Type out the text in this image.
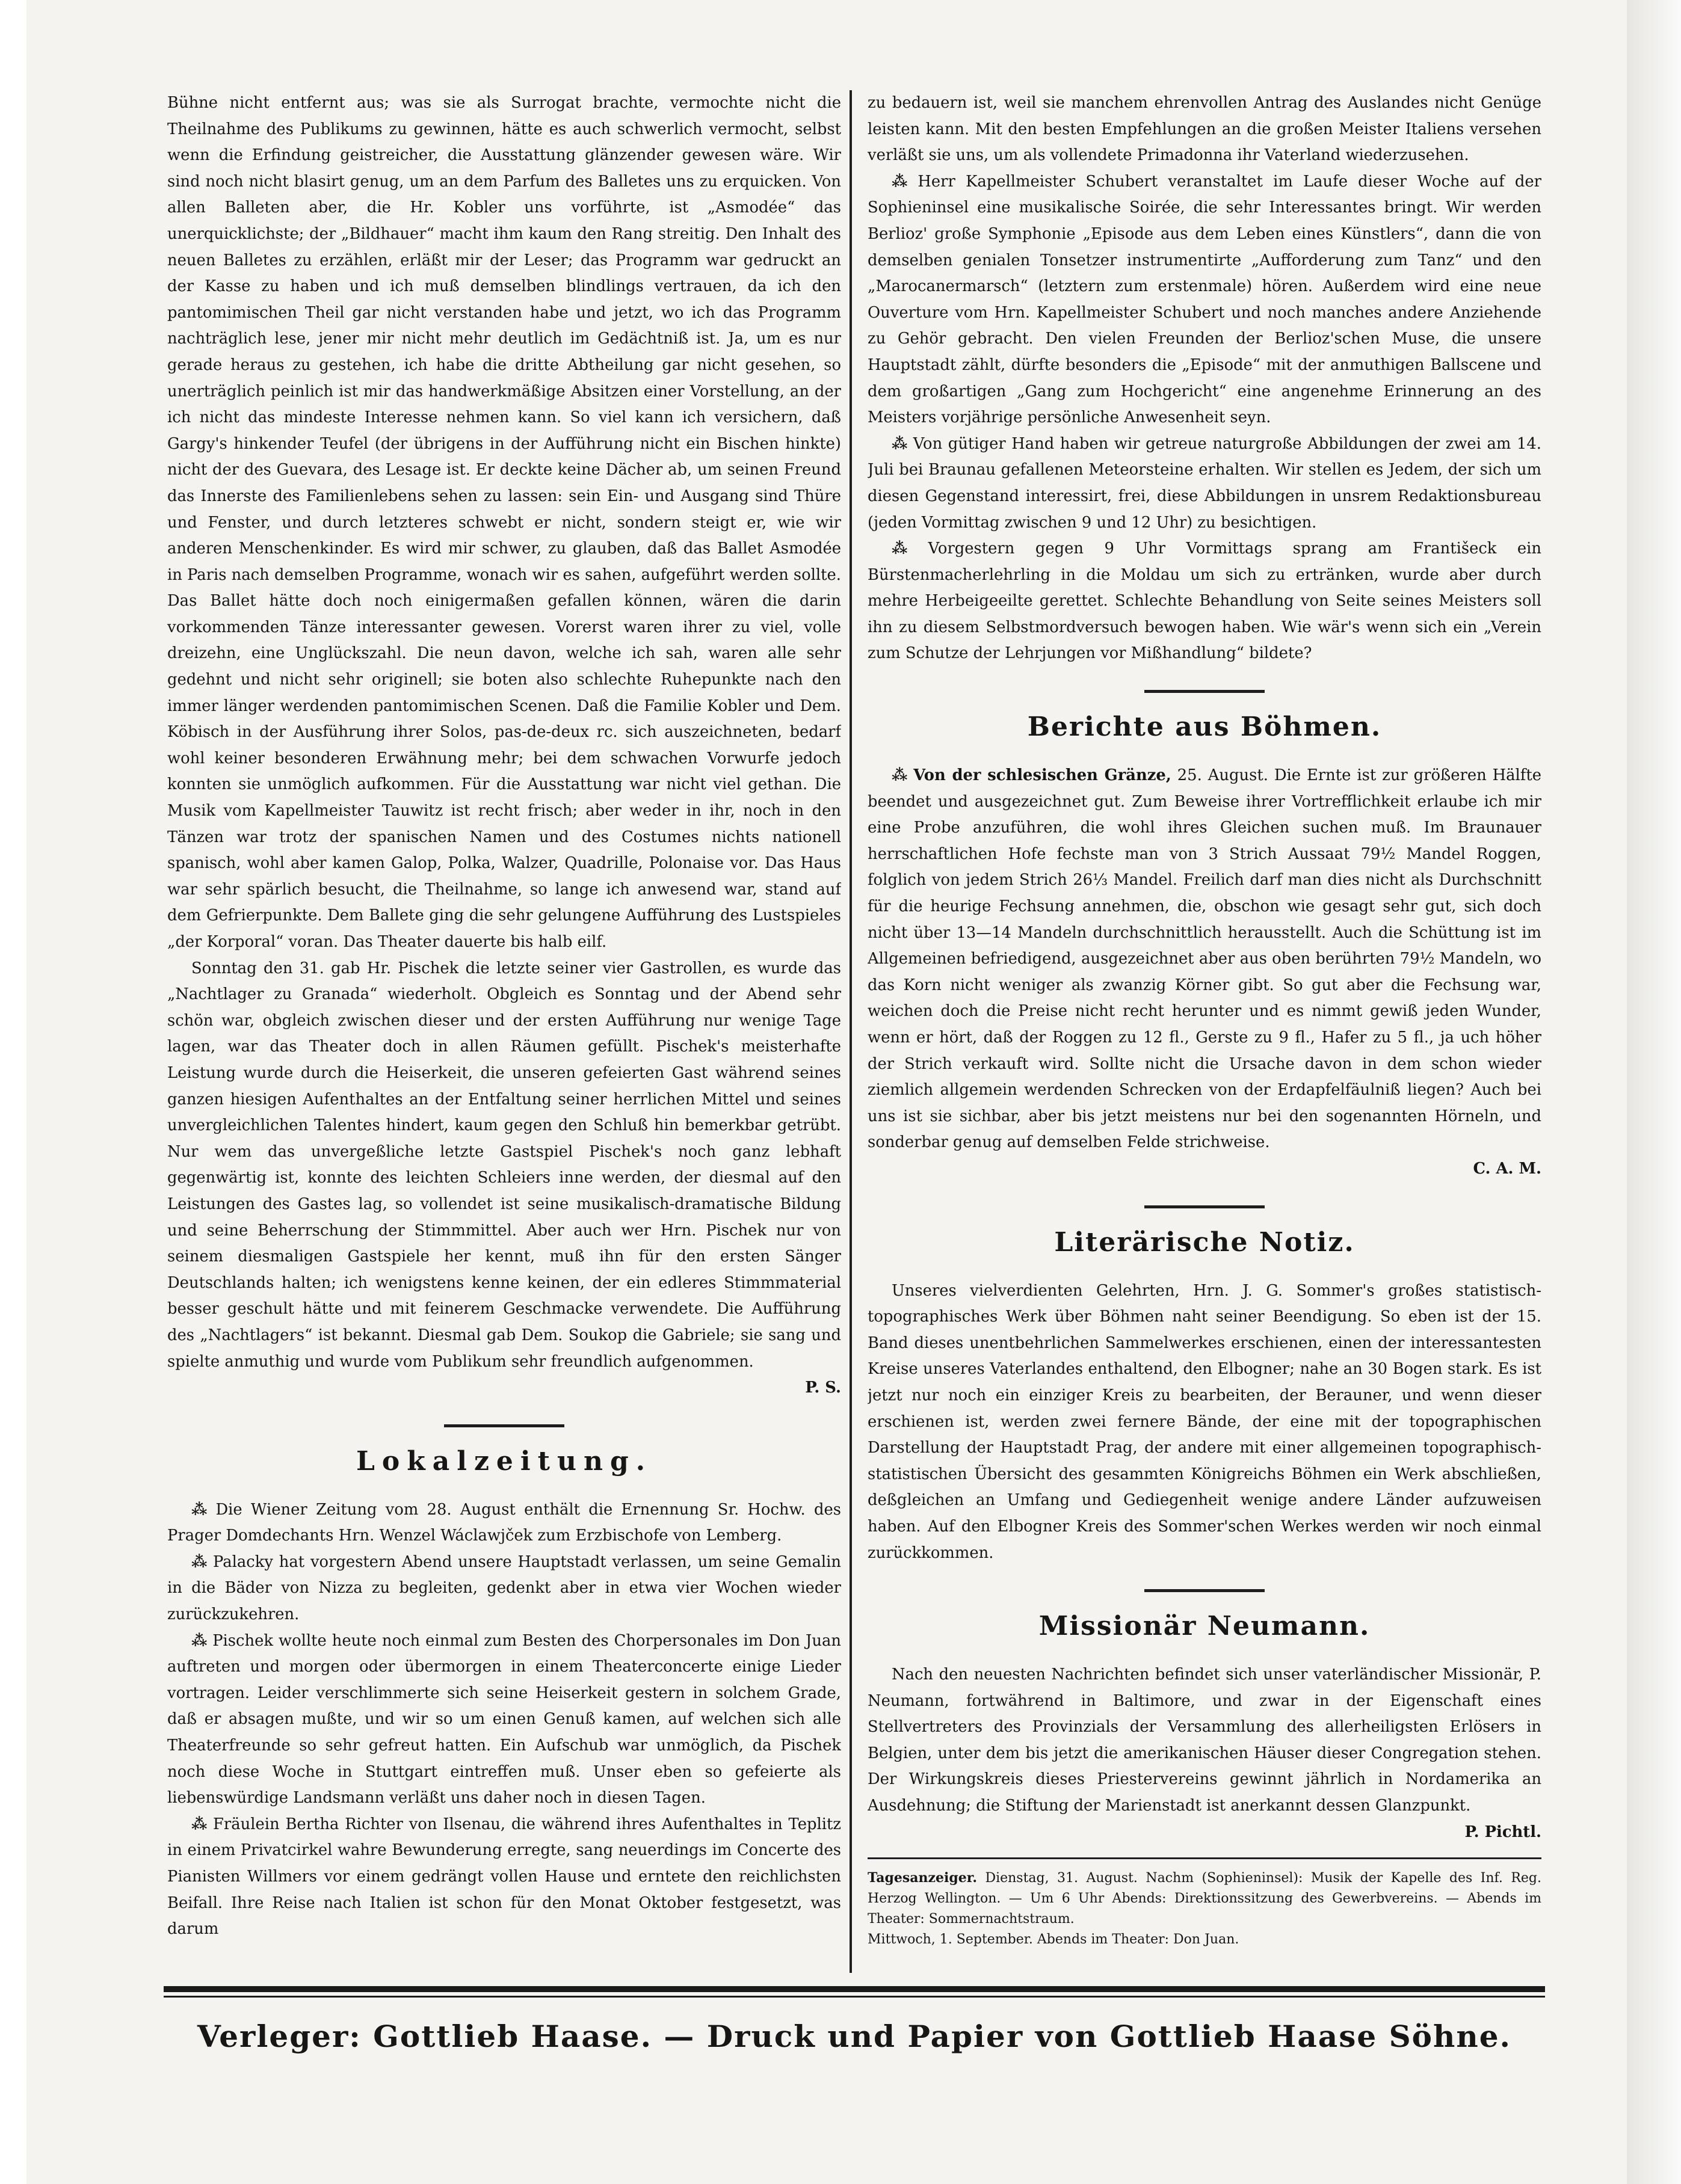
Bühne nicht entfernt aus; was sie als Surrogat brachte, vermochte nicht die Theilnahme des Publikums zu gewinnen, hätte es auch schwerlich vermocht, selbst wenn die Erfindung geistreicher, die Ausstattung glänzender gewesen wäre. Wir sind noch nicht blasirt genug, um an dem Parfum des Balletes uns zu erquicken. Von allen Balleten aber, die Hr. Kobler uns vorführte, ist „Asmodée“ das unerquicklichste; der „Bildhauer“ macht ihm kaum den Rang streitig. Den Inhalt des neuen Balletes zu erzählen, erläßt mir der Leser; das Programm war gedruckt an der Kasse zu haben und ich muß demselben blindlings vertrauen, da ich den pantomimischen Theil gar nicht verstanden habe und jetzt, wo ich das Programm nachträglich lese, jener mir nicht mehr deutlich im Gedächtniß ist. Ja, um es nur gerade heraus zu gestehen, ich habe die dritte Abtheilung gar nicht gesehen, so unerträglich peinlich ist mir das handwerkmäßige Absitzen einer Vorstellung, an der ich nicht das mindeste Interesse nehmen kann. So viel kann ich versichern, daß Gargy's hinkender Teufel (der übrigens in der Aufführung nicht ein Bischen hinkte) nicht der des Guevara, des Lesage ist. Er deckte keine Dächer ab, um seinen Freund das Innerste des Familienlebens sehen zu lassen: sein Ein- und Ausgang sind Thüre und Fenster, und durch letzteres schwebt er nicht, sondern steigt er, wie wir anderen Menschenkinder. Es wird mir schwer, zu glauben, daß das Ballet Asmodée in Paris nach demselben Programme, wonach wir es sahen, aufgeführt werden sollte. Das Ballet hätte doch noch einigermaßen gefallen können, wären die darin vorkommenden Tänze interessanter gewesen. Vorerst waren ihrer zu viel, volle dreizehn, eine Unglückszahl. Die neun davon, welche ich sah, waren alle sehr gedehnt und nicht sehr originell; sie boten also schlechte Ruhepunkte nach den immer länger werdenden pantomimischen Scenen. Daß die Familie Kobler und Dem. Köbisch in der Ausführung ihrer Solos, pas-de-deux rc. sich auszeichneten, bedarf wohl keiner besonderen Erwähnung mehr; bei dem schwachen Vorwurfe jedoch konnten sie unmöglich aufkommen. Für die Ausstattung war nicht viel gethan. Die Musik vom Kapellmeister Tauwitz ist recht frisch; aber weder in ihr, noch in den Tänzen war trotz der spanischen Namen und des Costumes nichts nationell spanisch, wohl aber kamen Galop, Polka, Walzer, Quadrille, Polonaise vor. Das Haus war sehr spärlich besucht, die Theilnahme, so lange ich anwesend war, stand auf dem Gefrierpunkte. Dem Ballete ging die sehr gelungene Aufführung des Lustspieles „der Korporal“ voran. Das Theater dauerte bis halb eilf.

Sonntag den 31. gab Hr. Pischek die letzte seiner vier Gastrollen, es wurde das „Nachtlager zu Granada“ wiederholt. Obgleich es Sonntag und der Abend sehr schön war, obgleich zwischen dieser und der ersten Aufführung nur wenige Tage lagen, war das Theater doch in allen Räumen gefüllt. Pischek's meisterhafte Leistung wurde durch die Heiserkeit, die unseren gefeierten Gast während seines ganzen hiesigen Aufenthaltes an der Entfaltung seiner herrlichen Mittel und seines unvergleichlichen Talentes hindert, kaum gegen den Schluß hin bemerkbar getrübt. Nur wem das unvergeßliche letzte Gastspiel Pischek's noch ganz lebhaft gegenwärtig ist, konnte des leichten Schleiers inne werden, der diesmal auf den Leistungen des Gastes lag, so vollendet ist seine musikalisch-dramatische Bildung und seine Beherrschung der Stimmmittel. Aber auch wer Hrn. Pischek nur von seinem diesmaligen Gastspiele her kennt, muß ihn für den ersten Sänger Deutschlands halten; ich wenigstens kenne keinen, der ein edleres Stimmmaterial besser geschult hätte und mit feinerem Geschmacke verwendete. Die Aufführung des „Nachtlagers“ ist bekannt. Diesmal gab Dem. Soukop die Gabriele; sie sang und spielte anmuthig und wurde vom Publikum sehr freundlich aufgenommen.

P. S.

Lokalzeitung.

⁂ Die Wiener Zeitung vom 28. August enthält die Ernennung Sr. Hochw. des Prager Domdechants Hrn. Wenzel Wáclawjček zum Erzbischofe von Lemberg.

⁂ Palacky hat vorgestern Abend unsere Hauptstadt verlassen, um seine Gemalin in die Bäder von Nizza zu begleiten, gedenkt aber in etwa vier Wochen wieder zurückzukehren.

⁂ Pischek wollte heute noch einmal zum Besten des Chorpersonales im Don Juan auftreten und morgen oder übermorgen in einem Theaterconcerte einige Lieder vortragen. Leider verschlimmerte sich seine Heiserkeit gestern in solchem Grade, daß er absagen mußte, und wir so um einen Genuß kamen, auf welchen sich alle Theaterfreunde so sehr gefreut hatten. Ein Aufschub war unmöglich, da Pischek noch diese Woche in Stuttgart eintreffen muß. Unser eben so gefeierte als liebenswürdige Landsmann verläßt uns daher noch in diesen Tagen.

⁂ Fräulein Bertha Richter von Ilsenau, die während ihres Aufenthaltes in Teplitz in einem Privatcirkel wahre Bewunderung erregte, sang neuerdings im Concerte des Pianisten Willmers vor einem gedrängt vollen Hause und erntete den reichlichsten Beifall. Ihre Reise nach Italien ist schon für den Monat Oktober festgesetzt, was darum

zu bedauern ist, weil sie manchem ehrenvollen Antrag des Auslandes nicht Genüge leisten kann. Mit den besten Empfehlungen an die großen Meister Italiens versehen verläßt sie uns, um als vollendete Primadonna ihr Vaterland wiederzusehen.

⁂ Herr Kapellmeister Schubert veranstaltet im Laufe dieser Woche auf der Sophieninsel eine musikalische Soirée, die sehr Interessantes bringt. Wir werden Berlioz' große Symphonie „Episode aus dem Leben eines Künstlers“, dann die von demselben genialen Tonsetzer instrumentirte „Aufforderung zum Tanz“ und den „Marocanermarsch“ (letztern zum erstenmale) hören. Außerdem wird eine neue Ouverture vom Hrn. Kapellmeister Schubert und noch manches andere Anziehende zu Gehör gebracht. Den vielen Freunden der Berlioz'schen Muse, die unsere Hauptstadt zählt, dürfte besonders die „Episode“ mit der anmuthigen Ballscene und dem großartigen „Gang zum Hochgericht“ eine angenehme Erinnerung an des Meisters vorjährige persönliche Anwesenheit seyn.

⁂ Von gütiger Hand haben wir getreue naturgroße Abbildungen der zwei am 14. Juli bei Braunau gefallenen Meteorsteine erhalten. Wir stellen es Jedem, der sich um diesen Gegenstand interessirt, frei, diese Abbildungen in unsrem Redaktionsbureau (jeden Vormittag zwischen 9 und 12 Uhr) zu besichtigen.

⁂ Vorgestern gegen 9 Uhr Vormittags sprang am Františeck ein Bürstenmacherlehrling in die Moldau um sich zu ertränken, wurde aber durch mehre Herbeigeeilte gerettet. Schlechte Behandlung von Seite seines Meisters soll ihn zu diesem Selbstmordversuch bewogen haben. Wie wär's wenn sich ein „Verein zum Schutze der Lehrjungen vor Mißhandlung“ bildete?

Berichte aus Böhmen.

⁂ Von der schlesischen Gränze, 25. August. Die Ernte ist zur größeren Hälfte beendet und ausgezeichnet gut. Zum Beweise ihrer Vortrefflichkeit erlaube ich mir eine Probe anzuführen, die wohl ihres Gleichen suchen muß. Im Braunauer herrschaftlichen Hofe fechste man von 3 Strich Aussaat 79½ Mandel Roggen, folglich von jedem Strich 26⅓ Mandel. Freilich darf man dies nicht als Durchschnitt für die heurige Fechsung annehmen, die, obschon wie gesagt sehr gut, sich doch nicht über 13—14 Mandeln durchschnittlich herausstellt. Auch die Schüttung ist im Allgemeinen befriedigend, ausgezeichnet aber aus oben berührten 79½ Mandeln, wo das Korn nicht weniger als zwanzig Körner gibt. So gut aber die Fechsung war, weichen doch die Preise nicht recht herunter und es nimmt gewiß jeden Wunder, wenn er hört, daß der Roggen zu 12 fl., Gerste zu 9 fl., Hafer zu 5 fl., ja uch höher der Strich verkauft wird. Sollte nicht die Ursache davon in dem schon wieder ziemlich allgemein werdenden Schrecken von der Erdapfelfäulniß liegen? Auch bei uns ist sie sichbar, aber bis jetzt meistens nur bei den sogenannten Hörneln, und sonderbar genug auf demselben Felde strichweise.

C. A. M.

Literärische Notiz.

Unseres vielverdienten Gelehrten, Hrn. J. G. Sommer's großes statistisch-topographisches Werk über Böhmen naht seiner Beendigung. So eben ist der 15. Band dieses unentbehrlichen Sammelwerkes erschienen, einen der interessantesten Kreise unseres Vaterlandes enthaltend, den Elbogner; nahe an 30 Bogen stark. Es ist jetzt nur noch ein einziger Kreis zu bearbeiten, der Berauner, und wenn dieser erschienen ist, werden zwei fernere Bände, der eine mit der topographischen Darstellung der Hauptstadt Prag, der andere mit einer allgemeinen topographisch-statistischen Übersicht des gesammten Königreichs Böhmen ein Werk abschließen, deßgleichen an Umfang und Gediegenheit wenige andere Länder aufzuweisen haben. Auf den Elbogner Kreis des Sommer'schen Werkes werden wir noch einmal zurückkommen.

Missionär Neumann.

Nach den neuesten Nachrichten befindet sich unser vaterländischer Missionär, P. Neumann, fortwährend in Baltimore, und zwar in der Eigenschaft eines Stellvertreters des Provinzials der Versammlung des allerheiligsten Erlösers in Belgien, unter dem bis jetzt die amerikanischen Häuser dieser Congregation stehen. Der Wirkungskreis dieses Priestervereins gewinnt jährlich in Nordamerika an Ausdehnung; die Stiftung der Marienstadt ist anerkannt dessen Glanzpunkt.

P. Pichtl.

Tagesanzeiger. Dienstag, 31. August. Nachm (Sophieninsel): Musik der Kapelle des Inf. Reg. Herzog Wellington. — Um 6 Uhr Abends: Direktionssitzung des Gewerbvereins. — Abends im Theater: Sommernachtstraum.

Mittwoch, 1. September. Abends im Theater: Don Juan.

Verleger: Gottlieb Haase. — Druck und Papier von Gottlieb Haase Söhne.
